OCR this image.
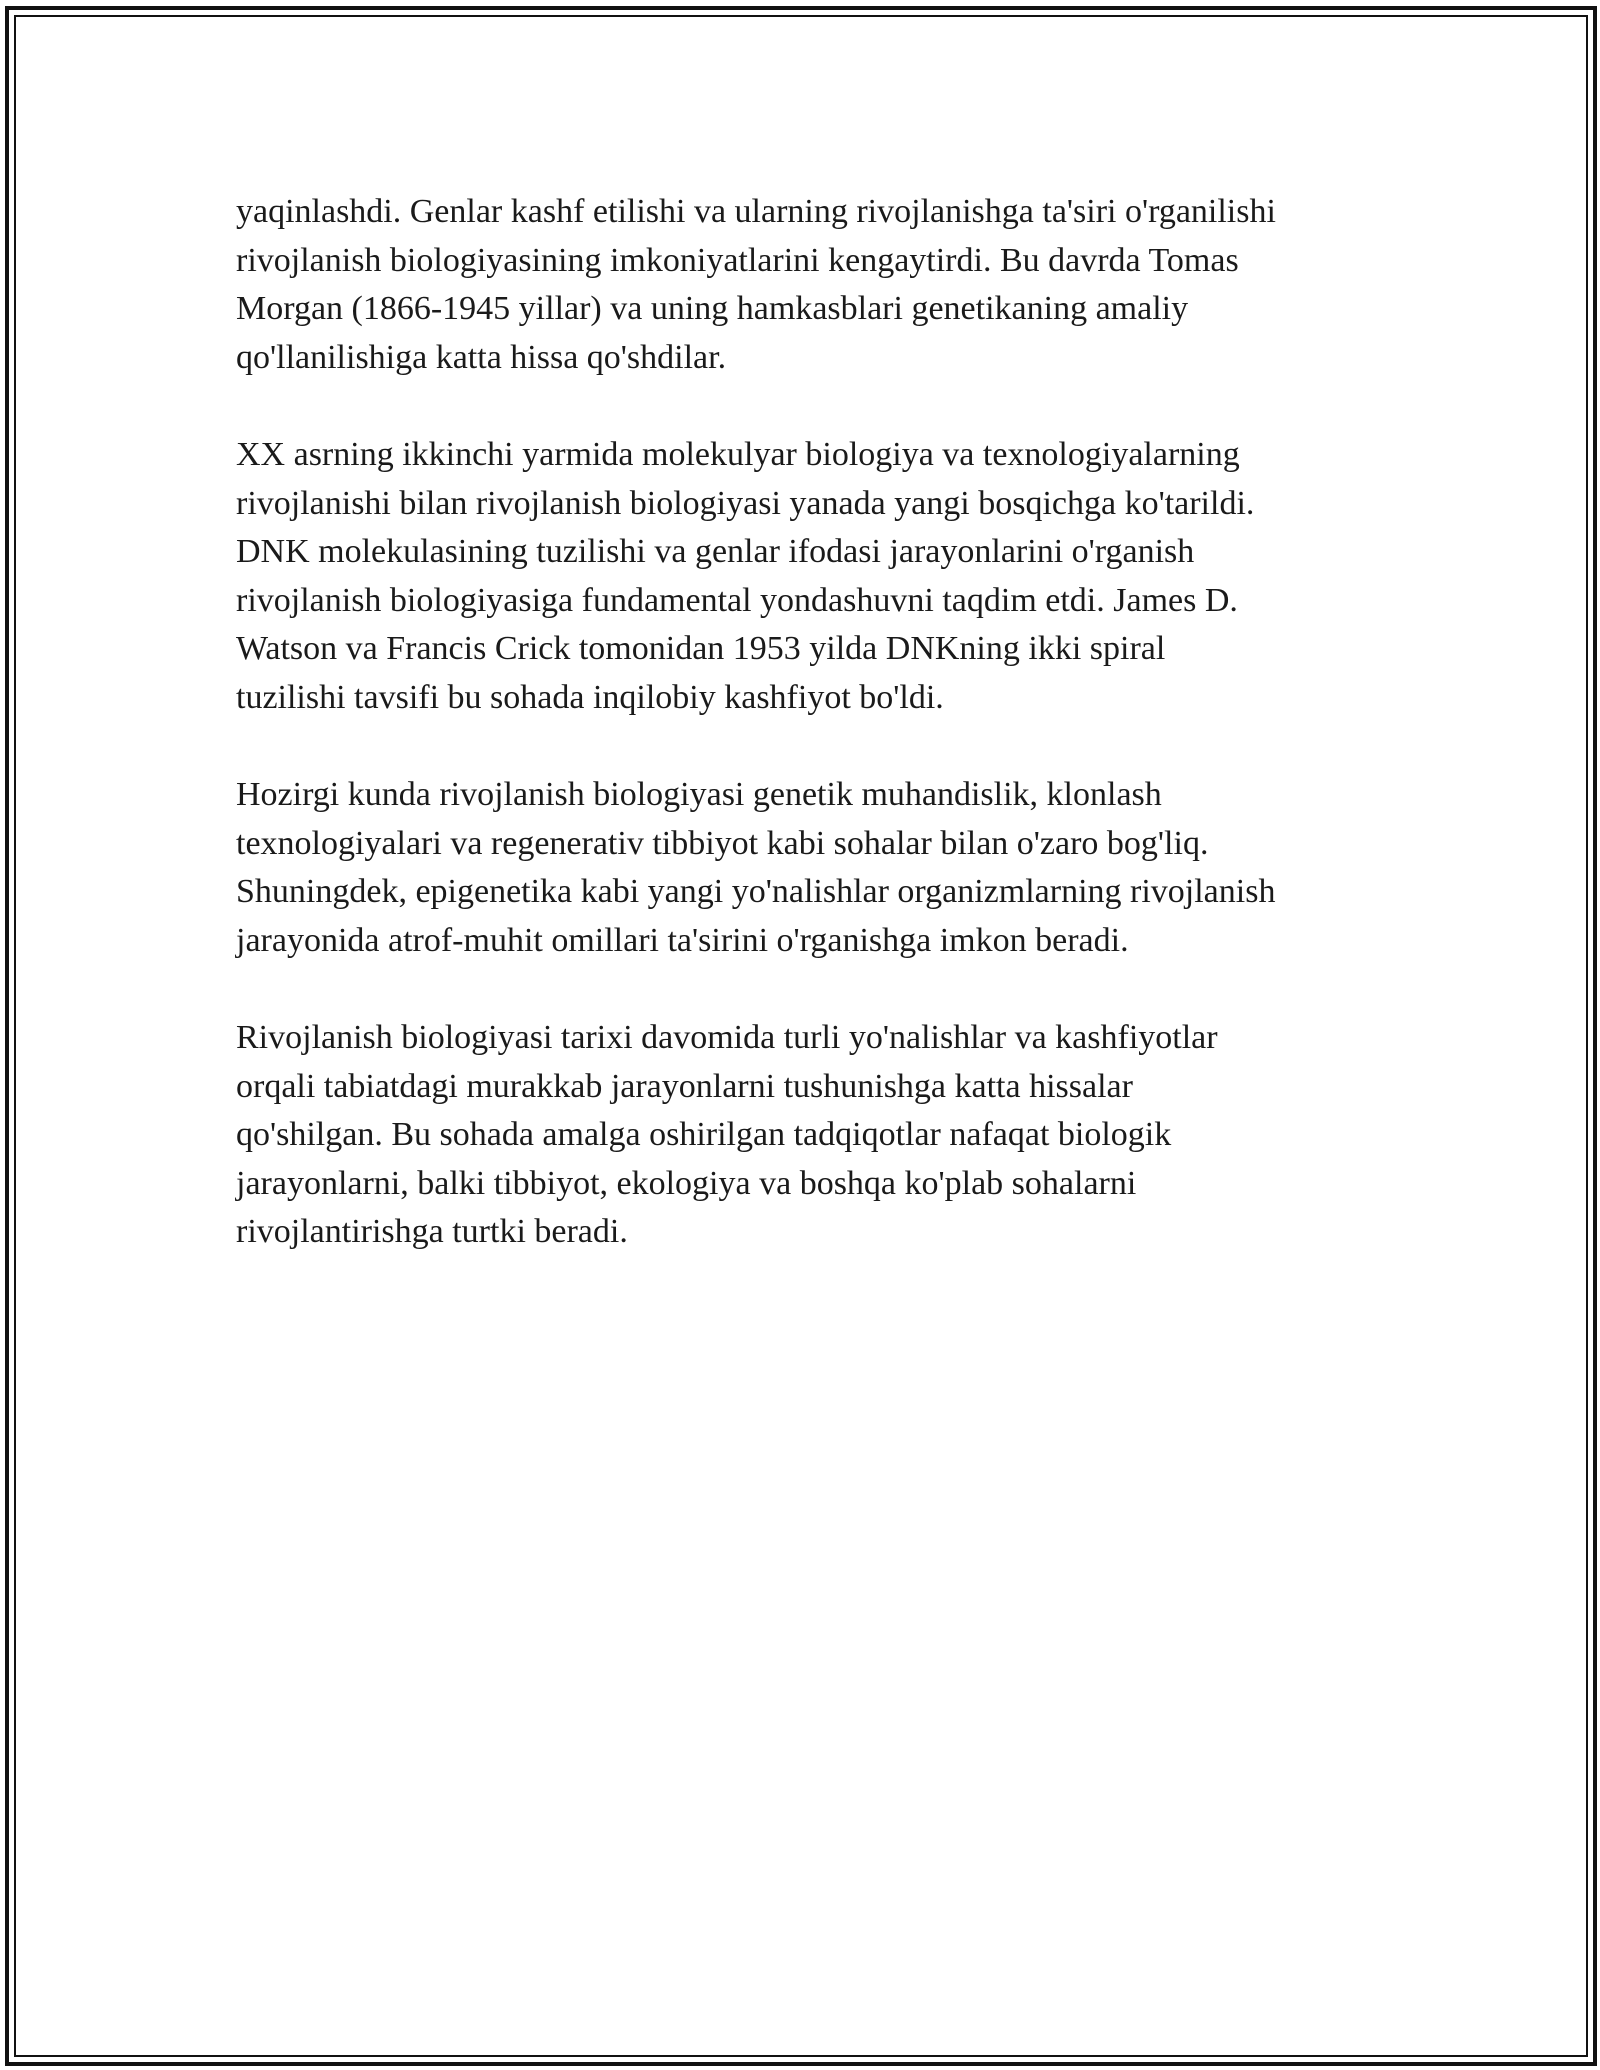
yaqinlashdi. Genlar kashf etilishi va ularning rivojlanishga ta'siri o'rganilishi
rivojlanish biologiyasining imkoniyatlarini kengaytirdi. Bu davrda Tomas
Morgan (1866-1945 yillar) va uning hamkasblari genetikaning amaliy
qo'llanilishiga katta hissa qo'shdilar.

XX asrning ikkinchi yarmida molekulyar biologiya va texnologiyalarning
rivojlanishi bilan rivojlanish biologiyasi yanada yangi bosqichga ko'tarildi.
DNK molekulasining tuzilishi va genlar ifodasi jarayonlarini o'rganish
rivojlanish biologiyasiga fundamental yondashuvni taqdim etdi. James D.
Watson va Francis Crick tomonidan 1953 yilda DNKning ikki spiral
tuzilishi tavsifi bu sohada inqilobiy kashfiyot bo'ldi.

Hozirgi kunda rivojlanish biologiyasi genetik muhandislik, klonlash
texnologiyalari va regenerativ tibbiyot kabi sohalar bilan o'zaro bog'liq.
Shuningdek, epigenetika kabi yangi yo'nalishlar organizmlarning rivojlanish
jarayonida atrof-muhit omillari ta'sirini o'rganishga imkon beradi.

Rivojlanish biologiyasi tarixi davomida turli yo'nalishlar va kashfiyotlar
orqali tabiatdagi murakkab jarayonlarni tushunishga katta hissalar
qo'shilgan. Bu sohada amalga oshirilgan tadqiqotlar nafaqat biologik
jarayonlarni, balki tibbiyot, ekologiya va boshqa ko'plab sohalarni
rivojlantirishga turtki beradi.
